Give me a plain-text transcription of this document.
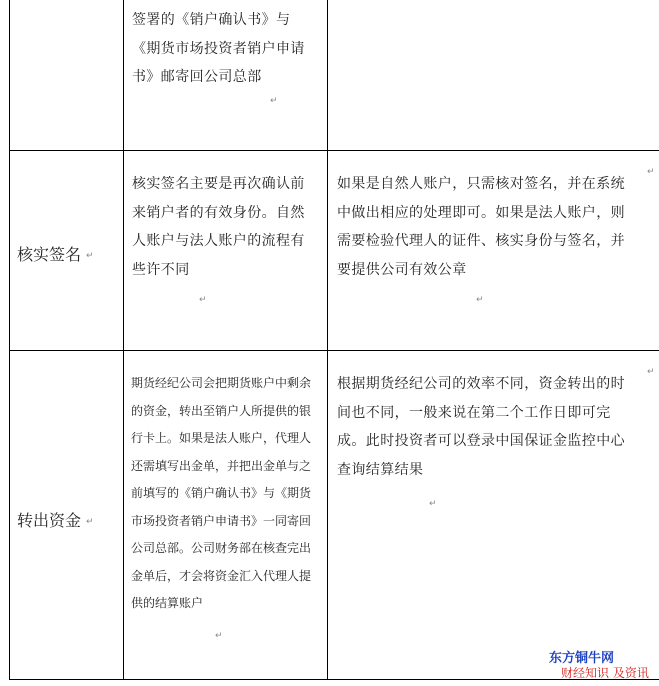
签署的《销户确认书》与
《期货市场投资者销户申请
书》邮寄回公司总部
核实签名
核实签名主要是再次确认前
来销户者的有效身份。自然
人账户与法人账户的流程有
些许不同
如果是自然人账户，只需核对签名，并在系统
中做出相应的处理即可。如果是法人账户，则
需要检验代理人的证件、核实身份与签名，并
要提供公司有效公章
转出资金
期货经纪公司会把期货账户中剩余
的资金，转出至销户人所提供的银
行卡上。如果是法人账户，代理人
还需填写出金单，并把出金单与之
前填写的《销户确认书》与《期货
市场投资者销户申请书》一同寄回
公司总部。公司财务部在核查完出
金单后，才会将资金汇入代理人提
供的结算账户
根据期货经纪公司的效率不同，资金转出的时
间也不同，一般来说在第二个工作日即可完
成。此时投资者可以登录中国保证金监控中心
查询结算结果
↵
↵
↵
↵
↵
↵
↵
↵
↵
东方铜牛网
财经知识 及资讯
